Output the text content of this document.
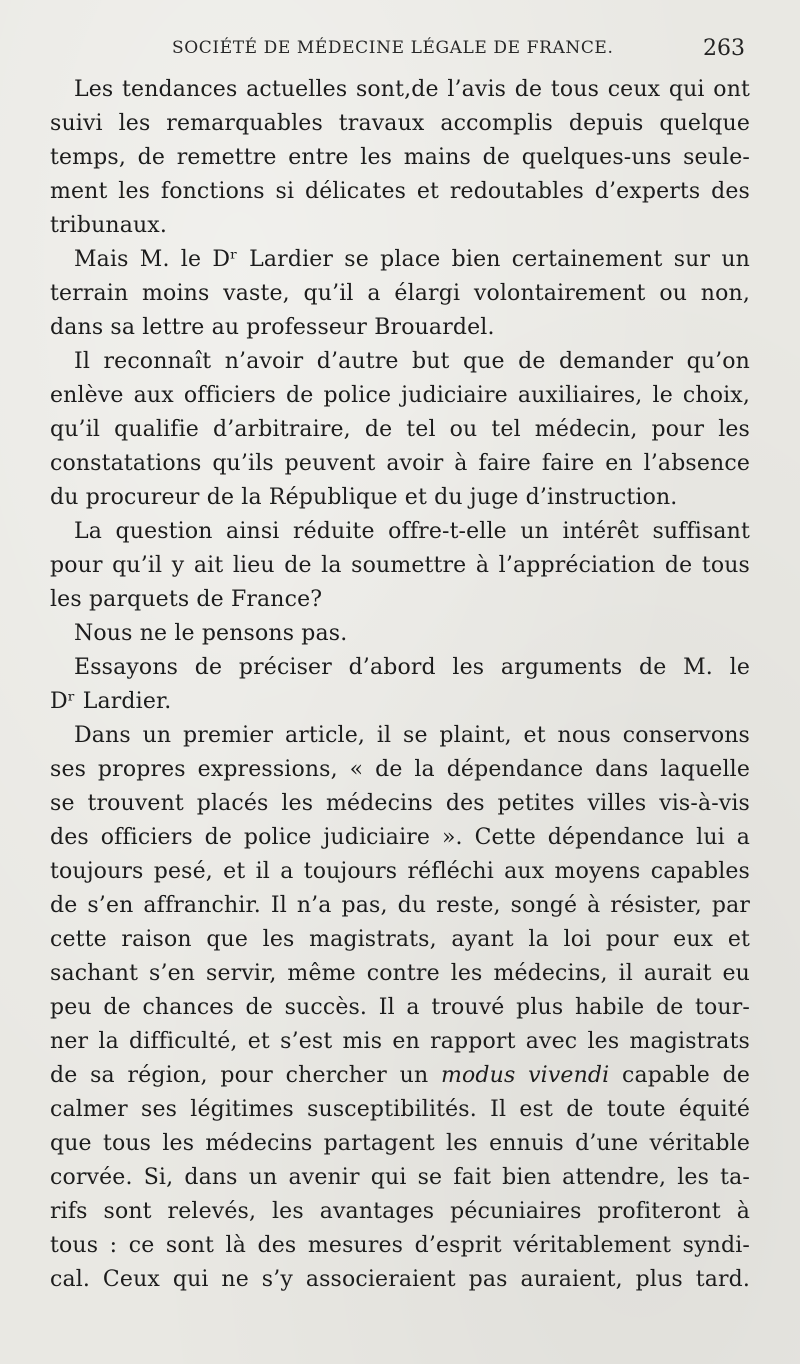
SOCIÉTÉ DE MÉDECINE LÉGALE DE FRANCE.	263
Les tendances actuelles sont,de l’avis de tous ceux qui ont
suivi les remarquables travaux accomplis depuis quelque
temps, de remettre entre les mains de quelques-uns seule-
ment les fonctions si délicates et redoutables d’experts des
tribunaux.
Mais M. le Dʳ Lardier se place bien certainement sur un
terrain moins vaste, qu’il a élargi volontairement ou non,
dans sa lettre au professeur Brouardel.
Il reconnaît n’avoir d’autre but que de demander qu’on
enlève aux officiers de police judiciaire auxiliaires, le choix,
qu’il qualifie d’arbitraire, de tel ou tel médecin, pour les
constatations qu’ils peuvent avoir à faire faire en l’absence
du procureur de la République et du juge d’instruction.
La question ainsi réduite offre-t-elle un intérêt suffisant
pour qu’il y ait lieu de la soumettre à l’appréciation de tous
les parquets de France?
Nous ne le pensons pas.
Essayons de préciser d’abord les arguments de M. le
Dʳ Lardier.
Dans un premier article, il se plaint, et nous conservons
ses propres expressions, « de la dépendance dans laquelle
se trouvent placés les médecins des petites villes vis-à-vis
des officiers de police judiciaire ». Cette dépendance lui a
toujours pesé, et il a toujours réfléchi aux moyens capables
de s’en affranchir. Il n’a pas, du reste, songé à résister, par
cette raison que les magistrats, ayant la loi pour eux et
sachant s’en servir, même contre les médecins, il aurait eu
peu de chances de succès. Il a trouvé plus habile de tour-
ner la difficulté, et s’est mis en rapport avec les magistrats
de sa région, pour chercher un modus vivendi capable de
calmer ses légitimes susceptibilités. Il est de toute équité
que tous les médecins partagent les ennuis d’une véritable
corvée. Si, dans un avenir qui se fait bien attendre, les ta-
rifs sont relevés, les avantages pécuniaires profiteront à
tous : ce sont là des mesures d’esprit véritablement syndi-
cal. Ceux qui ne s’y associeraient pas auraient, plus tard.
